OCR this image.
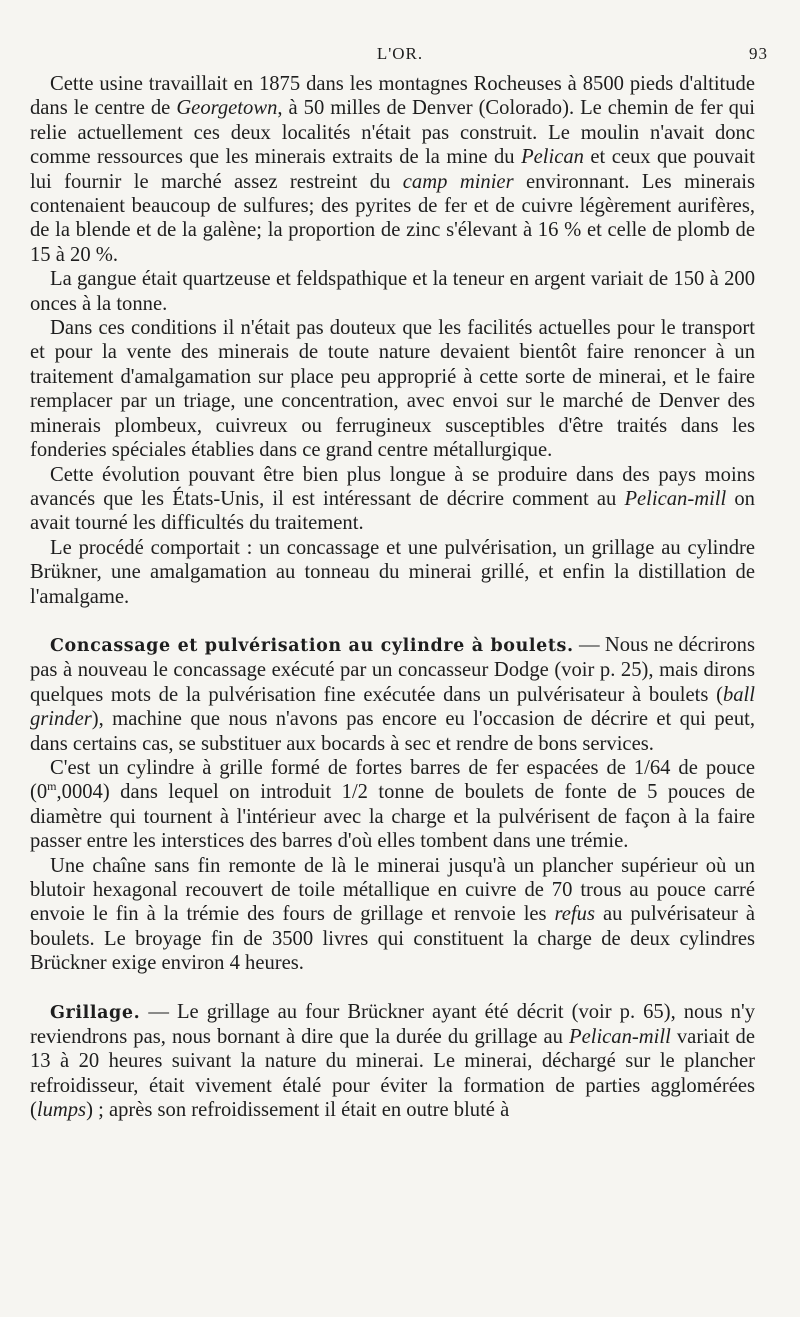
L'OR.	93

Cette usine travaillait en 1875 dans les montagnes Rocheuses à 8500 pieds d'altitude dans le centre de Georgetown, à 50 milles de Denver (Colorado). Le chemin de fer qui relie actuellement ces deux localités n'était pas construit. Le moulin n'avait donc comme ressources que les minerais extraits de la mine du Pelican et ceux que pouvait lui fournir le marché assez restreint du camp minier environnant. Les minerais contenaient beaucoup de sulfures; des pyrites de fer et de cuivre légèrement aurifères, de la blende et de la galène; la proportion de zinc s'élevant à 16 % et celle de plomb de 15 à 20 %.

La gangue était quartzeuse et feldspathique et la teneur en argent variait de 150 à 200 onces à la tonne.

Dans ces conditions il n'était pas douteux que les facilités actuelles pour le transport et pour la vente des minerais de toute nature devaient bientôt faire renoncer à un traitement d'amalgamation sur place peu approprié à cette sorte de minerai, et le faire remplacer par un triage, une concentration, avec envoi sur le marché de Denver des minerais plombeux, cuivreux ou ferrugineux susceptibles d'être traités dans les fonderies spéciales établies dans ce grand centre métallurgique.

Cette évolution pouvant être bien plus longue à se produire dans des pays moins avancés que les États-Unis, il est intéressant de décrire comment au Pelican-mill on avait tourné les difficultés du traitement.

Le procédé comportait : un concassage et une pulvérisation, un grillage au cylindre Brükner, une amalgamation au tonneau du minerai grillé, et enfin la distillation de l'amalgame.

Concassage et pulvérisation au cylindre à boulets. — Nous ne décrirons pas à nouveau le concassage exécuté par un concasseur Dodge (voir p. 25), mais dirons quelques mots de la pulvérisation fine exécutée dans un pulvérisateur à boulets (ball grinder), machine que nous n'avons pas encore eu l'occasion de décrire et qui peut, dans certains cas, se substituer aux bocards à sec et rendre de bons services.

C'est un cylindre à grille formé de fortes barres de fer espacées de 1/64 de pouce (0$^m$,0004) dans lequel on introduit 1/2 tonne de boulets de fonte de 5 pouces de diamètre qui tournent à l'intérieur avec la charge et la pulvérisent de façon à la faire passer entre les interstices des barres d'où elles tombent dans une trémie.

Une chaîne sans fin remonte de là le minerai jusqu'à un plancher supérieur où un blutoir hexagonal recouvert de toile métallique en cuivre de 70 trous au pouce carré envoie le fin à la trémie des fours de grillage et renvoie les refus au pulvérisateur à boulets. Le broyage fin de 3500 livres qui constituent la charge de deux cylindres Brückner exige environ 4 heures.

Grillage. — Le grillage au four Brückner ayant été décrit (voir p. 65), nous n'y reviendrons pas, nous bornant à dire que la durée du grillage au Pelican-mill variait de 13 à 20 heures suivant la nature du minerai. Le minerai, déchargé sur le plancher refroidisseur, était vivement étalé pour éviter la formation de parties agglomérées (lumps) ; après son refroidissement il était en outre bluté à
